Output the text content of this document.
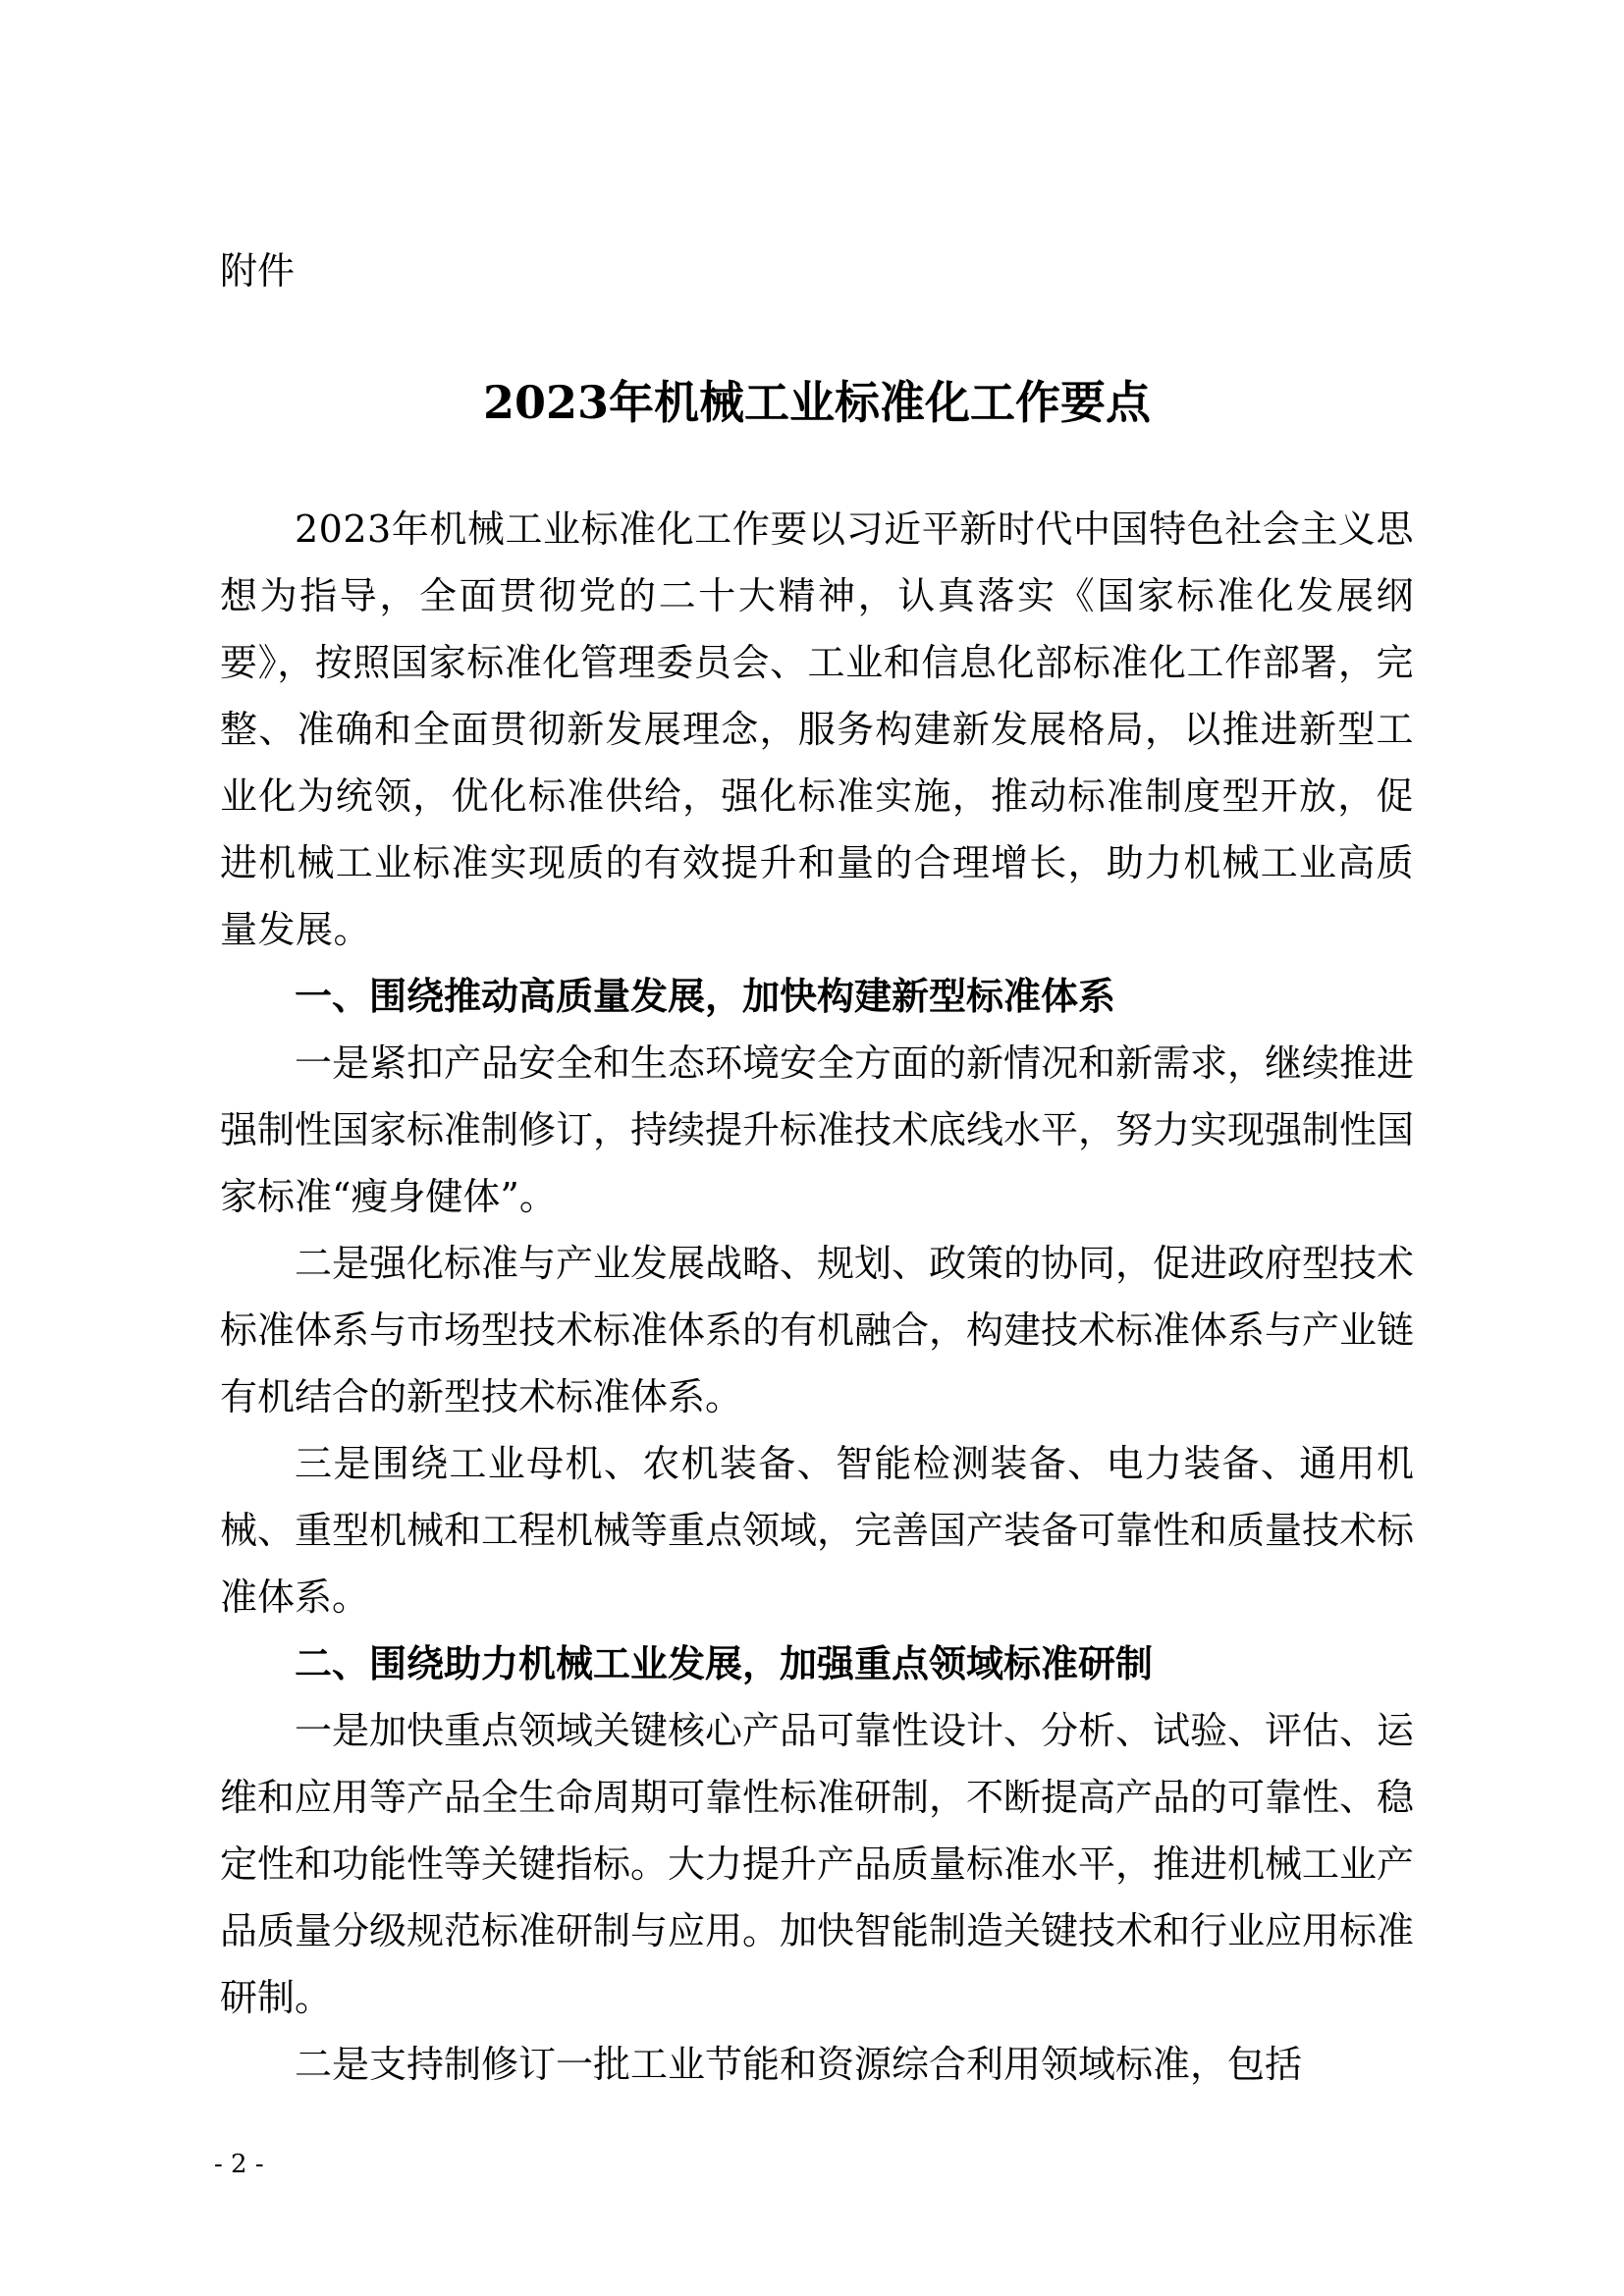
附件
2023年机械工业标准化工作要点

2023年机械工业标准化工作要以习近平新时代中国特色社会主义思想为指导，全面贯彻党的二十大精神，认真落实《国家标准化发展纲要》，按照国家标准化管理委员会、工业和信息化部标准化工作部署，完整、准确和全面贯彻新发展理念，服务构建新发展格局，以推进新型工业化为统领，优化标准供给，强化标准实施，推动标准制度型开放，促进机械工业标准实现质的有效提升和量的合理增长，助力机械工业高质量发展。

一、围绕推动高质量发展，加快构建新型标准体系

一是紧扣产品安全和生态环境安全方面的新情况和新需求，继续推进强制性国家标准制修订，持续提升标准技术底线水平，努力实现强制性国家标准“瘦身健体”。

二是强化标准与产业发展战略、规划、政策的协同，促进政府型技术标准体系与市场型技术标准体系的有机融合，构建技术标准体系与产业链有机结合的新型技术标准体系。

三是围绕工业母机、农机装备、智能检测装备、电力装备、通用机械、重型机械和工程机械等重点领域，完善国产装备可靠性和质量技术标准体系。

二、围绕助力机械工业发展，加强重点领域标准研制

一是加快重点领域关键核心产品可靠性设计、分析、试验、评估、运维和应用等产品全生命周期可靠性标准研制，不断提高产品的可靠性、稳定性和功能性等关键指标。大力提升产品质量标准水平，推进机械工业产品质量分级规范标准研制与应用。加快智能制造关键技术和行业应用标准研制。

二是支持制修订一批工业节能和资源综合利用领域标准，包括

- 2 -
